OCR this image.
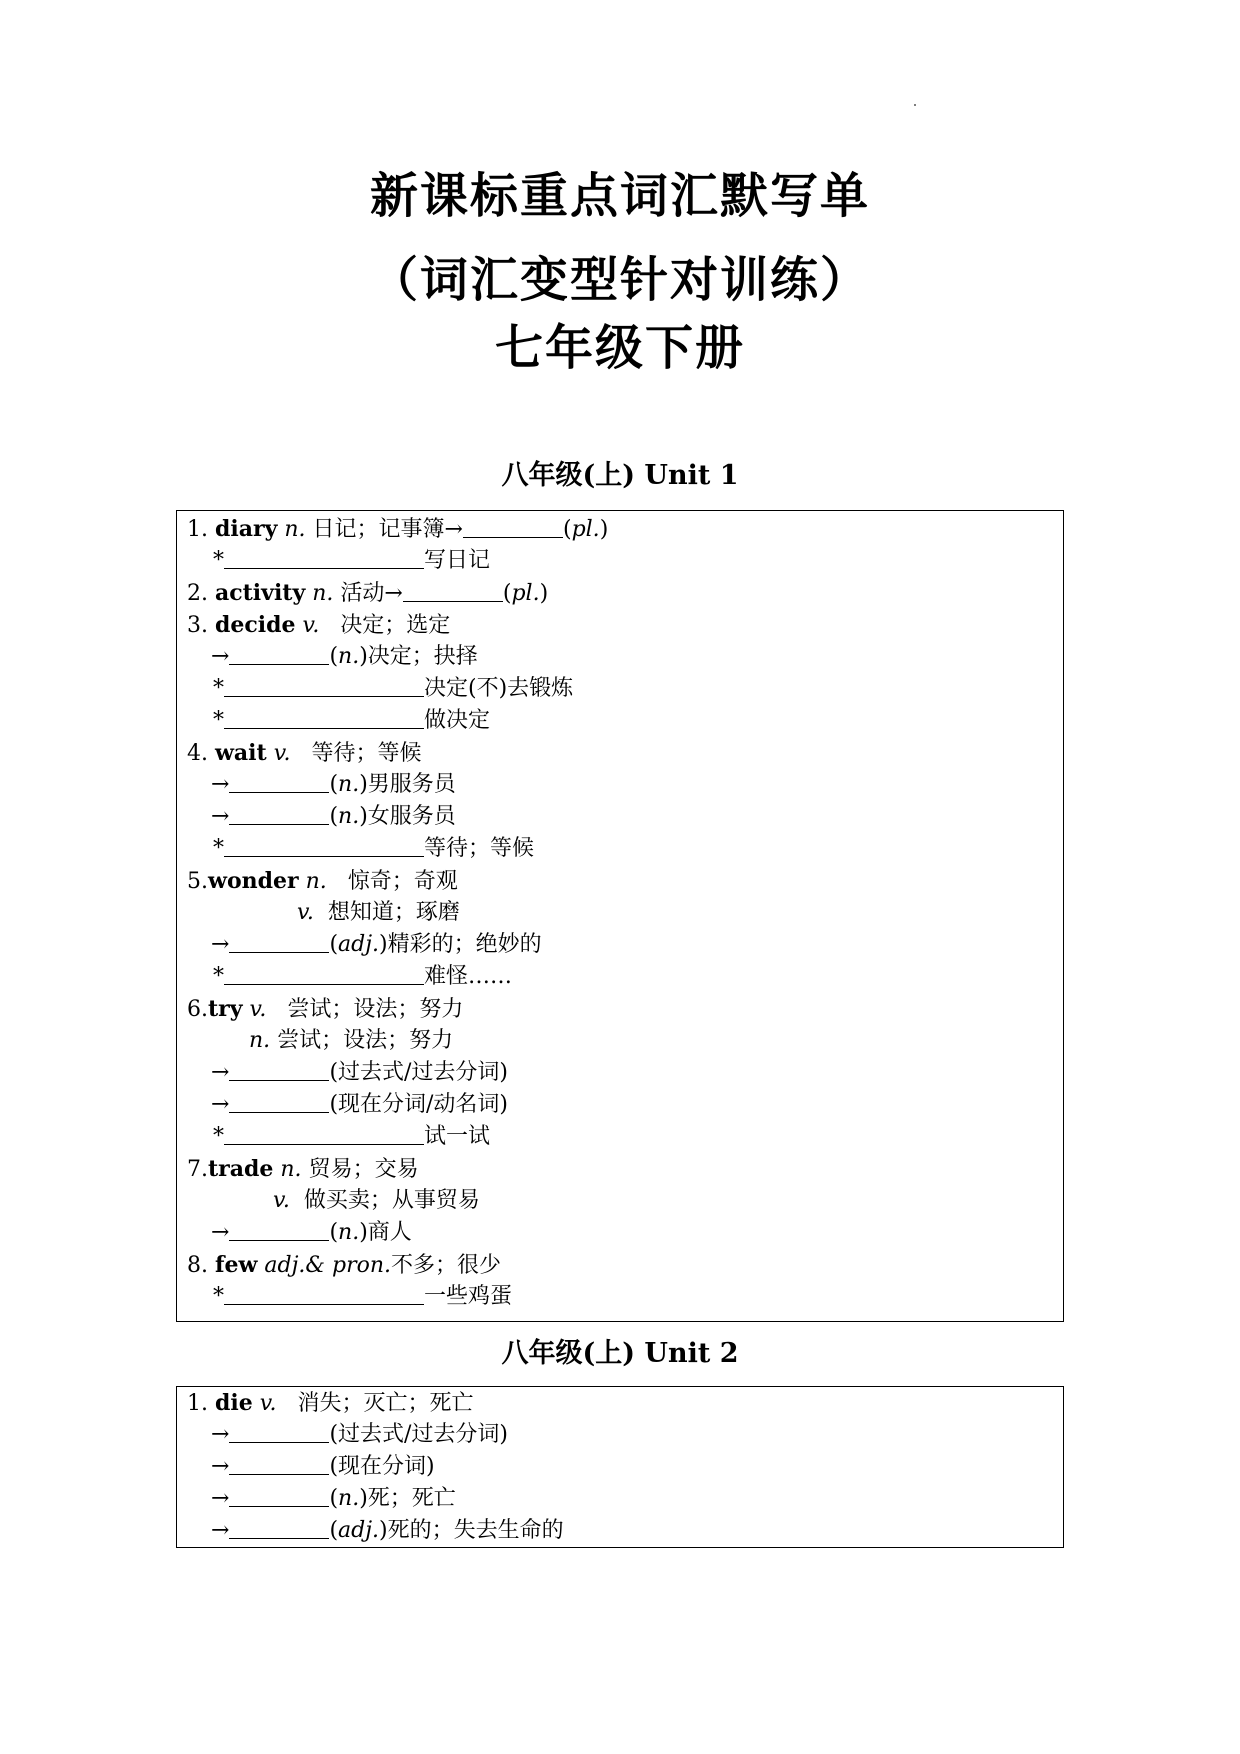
新课标重点词汇默写单
（词汇变型针对训练）
七年级下册
八年级(上) Unit 1
1. diary n. 日记；记事簿→	(pl.)
*	写日记
2. activity n. 活动→	(pl.)
3. decide v. 决定；选定
→	(n.)决定；抉择
*	决定(不)去锻炼
*	做决定
4. wait v. 等待；等候
→	(n.)男服务员
→	(n.)女服务员
*	等待；等候
5.wonder n. 惊奇；奇观
v. 想知道；琢磨
→	(adj.)精彩的；绝妙的
*	难怪……
6.try v. 尝试；设法；努力
n. 尝试；设法；努力
→	(过去式/过去分词)
→	(现在分词/动名词)
*	试一试
7.trade n. 贸易；交易
v. 做买卖；从事贸易
→	(n.)商人
8. few adj.& pron.不多；很少
*	一些鸡蛋
八年级(上) Unit 2
1. die v. 消失；灭亡；死亡
→	(过去式/过去分词)
→	(现在分词)
→	(n.)死；死亡
→	(adj.)死的；失去生命的
